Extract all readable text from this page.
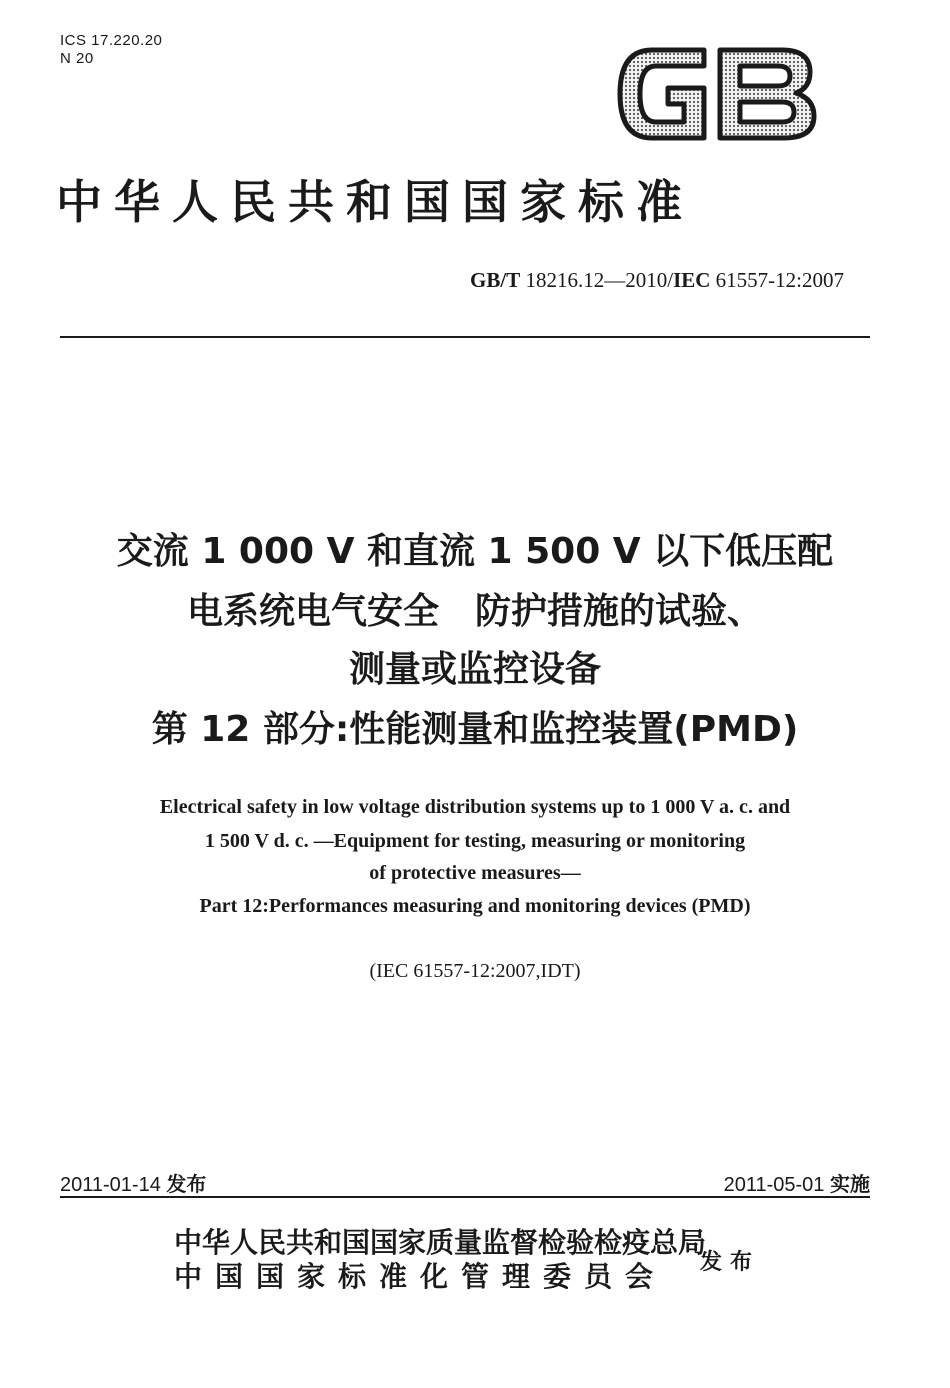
ICS 17.220.20
N 20
中华人民共和国国家标准
GB/T 18216.12—2010/IEC 61557-12:2007
交流 1 000 V 和直流 1 500 V 以下低压配
电系统电气安全　防护措施的试验、
测量或监控设备
第 12 部分:性能测量和监控装置(PMD)
Electrical safety in low voltage distribution systems up to 1 000 V a. c. and
1 500 V d. c. —Equipment for testing, measuring or monitoring
of protective measures—
Part 12:Performances measuring and monitoring devices (PMD)
(IEC 61557-12:2007,IDT)
2011-01-14 发布	2011-05-01 实施
中华人民共和国国家质量监督检验检疫总局
中国国家标准化管理委员会 发布
